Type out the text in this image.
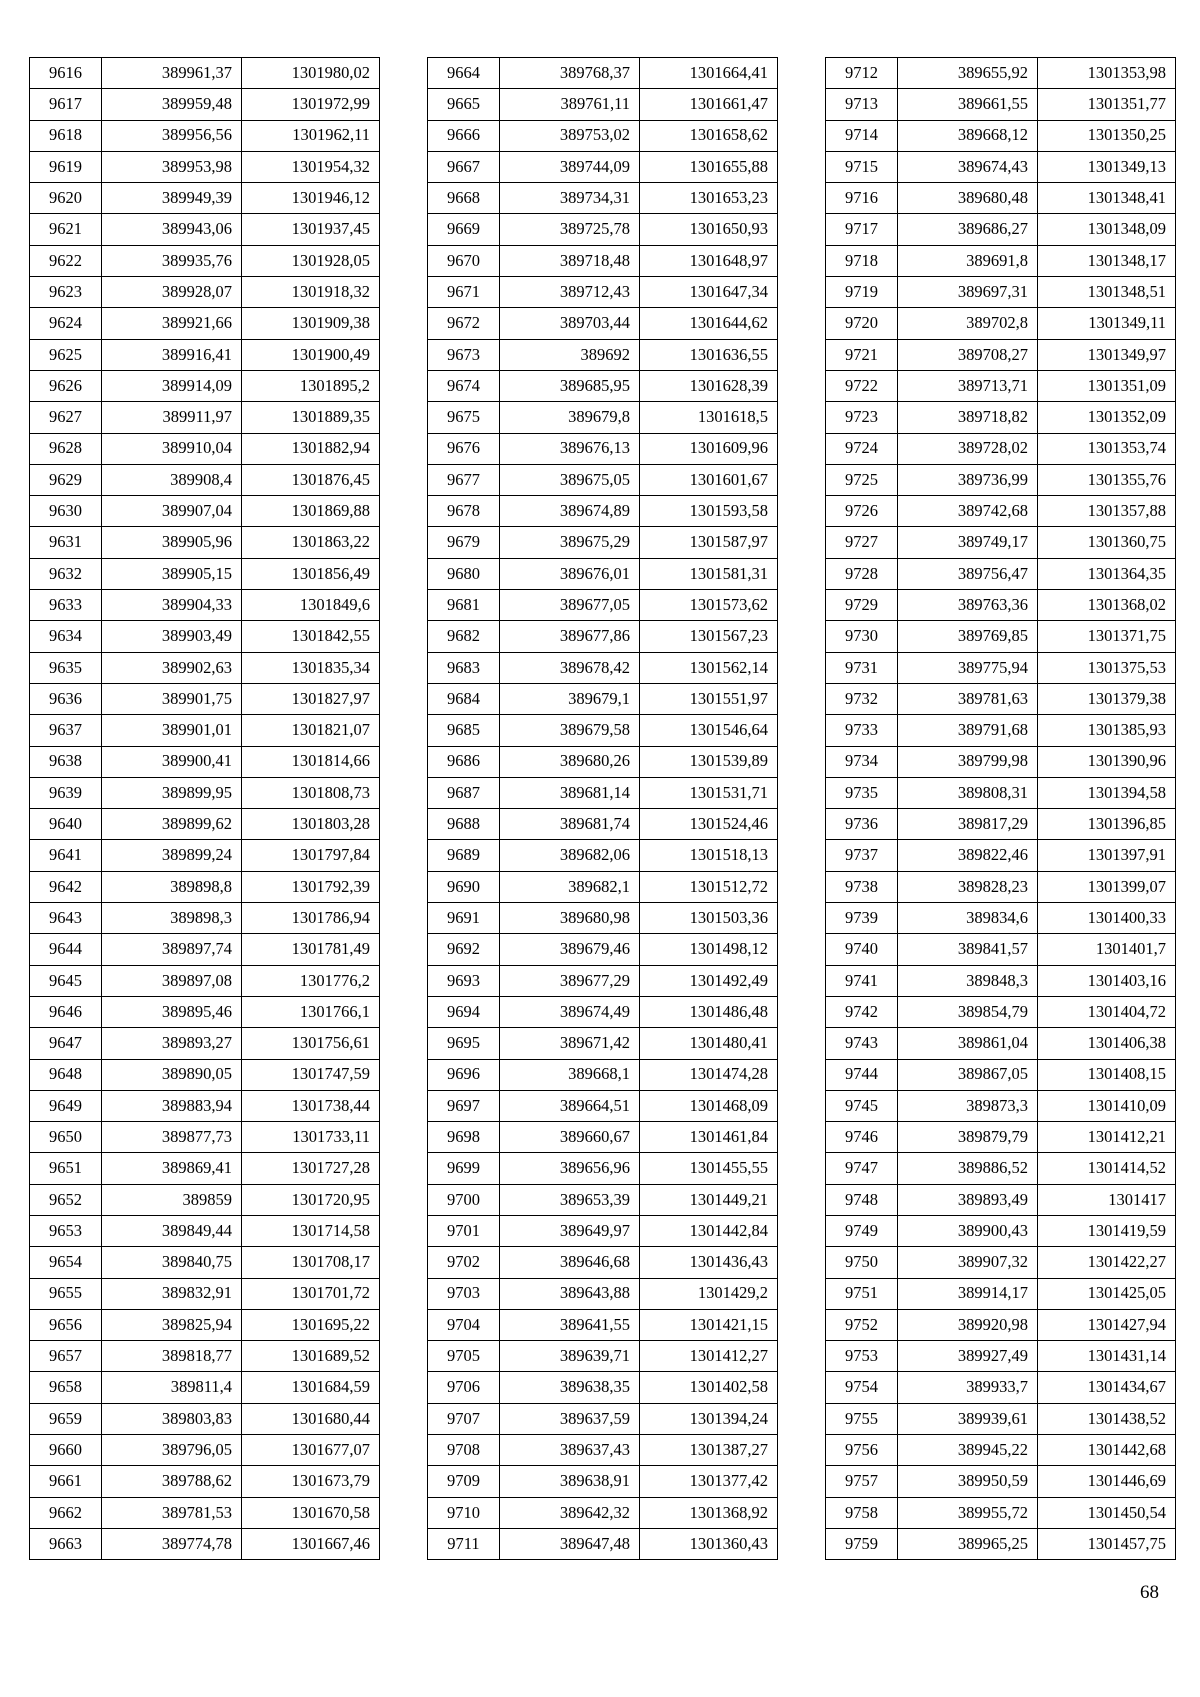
9616	389961,37	1301980,02
9617	389959,48	1301972,99
9618	389956,56	1301962,11
9619	389953,98	1301954,32
9620	389949,39	1301946,12
9621	389943,06	1301937,45
9622	389935,76	1301928,05
9623	389928,07	1301918,32
9624	389921,66	1301909,38
9625	389916,41	1301900,49
9626	389914,09	1301895,2
9627	389911,97	1301889,35
9628	389910,04	1301882,94
9629	389908,4	1301876,45
9630	389907,04	1301869,88
9631	389905,96	1301863,22
9632	389905,15	1301856,49
9633	389904,33	1301849,6
9634	389903,49	1301842,55
9635	389902,63	1301835,34
9636	389901,75	1301827,97
9637	389901,01	1301821,07
9638	389900,41	1301814,66
9639	389899,95	1301808,73
9640	389899,62	1301803,28
9641	389899,24	1301797,84
9642	389898,8	1301792,39
9643	389898,3	1301786,94
9644	389897,74	1301781,49
9645	389897,08	1301776,2
9646	389895,46	1301766,1
9647	389893,27	1301756,61
9648	389890,05	1301747,59
9649	389883,94	1301738,44
9650	389877,73	1301733,11
9651	389869,41	1301727,28
9652	389859	1301720,95
9653	389849,44	1301714,58
9654	389840,75	1301708,17
9655	389832,91	1301701,72
9656	389825,94	1301695,22
9657	389818,77	1301689,52
9658	389811,4	1301684,59
9659	389803,83	1301680,44
9660	389796,05	1301677,07
9661	389788,62	1301673,79
9662	389781,53	1301670,58
9663	389774,78	1301667,46
9664	389768,37	1301664,41
9665	389761,11	1301661,47
9666	389753,02	1301658,62
9667	389744,09	1301655,88
9668	389734,31	1301653,23
9669	389725,78	1301650,93
9670	389718,48	1301648,97
9671	389712,43	1301647,34
9672	389703,44	1301644,62
9673	389692	1301636,55
9674	389685,95	1301628,39
9675	389679,8	1301618,5
9676	389676,13	1301609,96
9677	389675,05	1301601,67
9678	389674,89	1301593,58
9679	389675,29	1301587,97
9680	389676,01	1301581,31
9681	389677,05	1301573,62
9682	389677,86	1301567,23
9683	389678,42	1301562,14
9684	389679,1	1301551,97
9685	389679,58	1301546,64
9686	389680,26	1301539,89
9687	389681,14	1301531,71
9688	389681,74	1301524,46
9689	389682,06	1301518,13
9690	389682,1	1301512,72
9691	389680,98	1301503,36
9692	389679,46	1301498,12
9693	389677,29	1301492,49
9694	389674,49	1301486,48
9695	389671,42	1301480,41
9696	389668,1	1301474,28
9697	389664,51	1301468,09
9698	389660,67	1301461,84
9699	389656,96	1301455,55
9700	389653,39	1301449,21
9701	389649,97	1301442,84
9702	389646,68	1301436,43
9703	389643,88	1301429,2
9704	389641,55	1301421,15
9705	389639,71	1301412,27
9706	389638,35	1301402,58
9707	389637,59	1301394,24
9708	389637,43	1301387,27
9709	389638,91	1301377,42
9710	389642,32	1301368,92
9711	389647,48	1301360,43
9712	389655,92	1301353,98
9713	389661,55	1301351,77
9714	389668,12	1301350,25
9715	389674,43	1301349,13
9716	389680,48	1301348,41
9717	389686,27	1301348,09
9718	389691,8	1301348,17
9719	389697,31	1301348,51
9720	389702,8	1301349,11
9721	389708,27	1301349,97
9722	389713,71	1301351,09
9723	389718,82	1301352,09
9724	389728,02	1301353,74
9725	389736,99	1301355,76
9726	389742,68	1301357,88
9727	389749,17	1301360,75
9728	389756,47	1301364,35
9729	389763,36	1301368,02
9730	389769,85	1301371,75
9731	389775,94	1301375,53
9732	389781,63	1301379,38
9733	389791,68	1301385,93
9734	389799,98	1301390,96
9735	389808,31	1301394,58
9736	389817,29	1301396,85
9737	389822,46	1301397,91
9738	389828,23	1301399,07
9739	389834,6	1301400,33
9740	389841,57	1301401,7
9741	389848,3	1301403,16
9742	389854,79	1301404,72
9743	389861,04	1301406,38
9744	389867,05	1301408,15
9745	389873,3	1301410,09
9746	389879,79	1301412,21
9747	389886,52	1301414,52
9748	389893,49	1301417
9749	389900,43	1301419,59
9750	389907,32	1301422,27
9751	389914,17	1301425,05
9752	389920,98	1301427,94
9753	389927,49	1301431,14
9754	389933,7	1301434,67
9755	389939,61	1301438,52
9756	389945,22	1301442,68
9757	389950,59	1301446,69
9758	389955,72	1301450,54
9759	389965,25	1301457,75
68
